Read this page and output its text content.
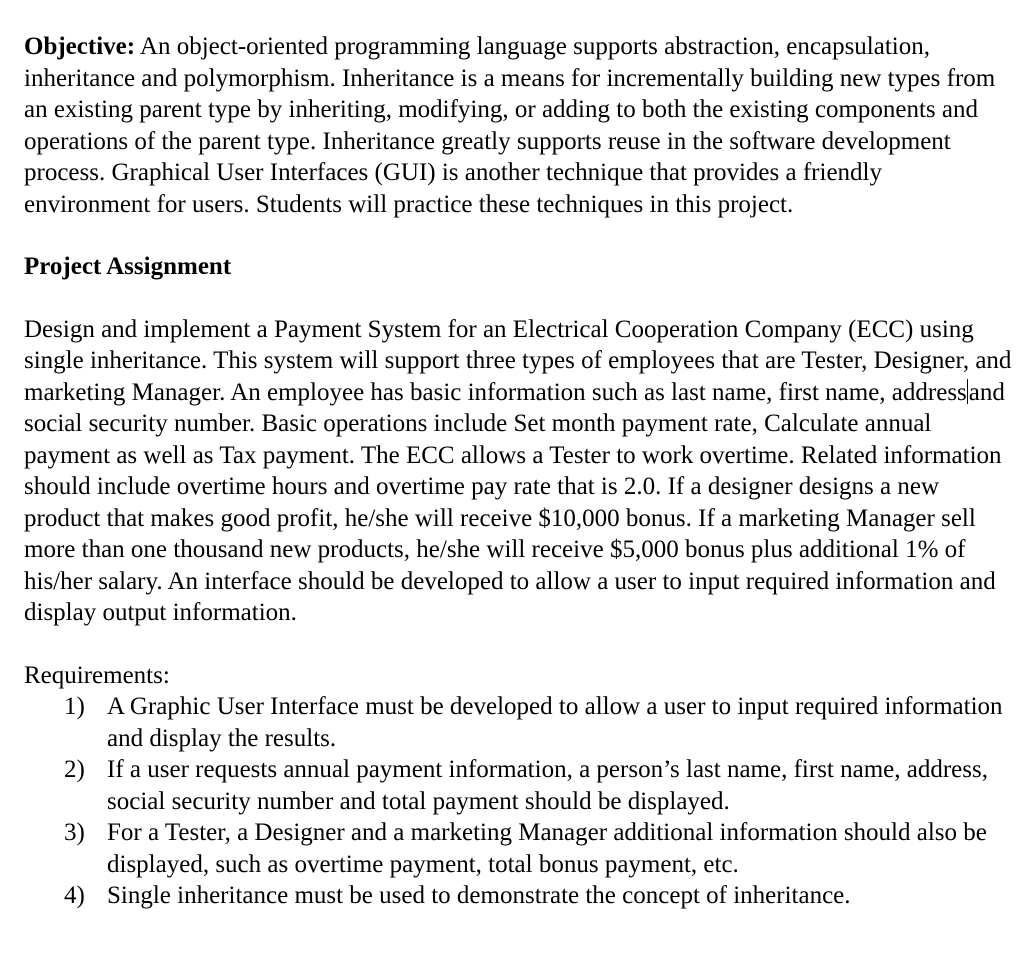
Objective: An object-oriented programming language supports abstraction, encapsulation, inheritance and polymorphism. Inheritance is a means for incrementally building new types from an existing parent type by inheriting, modifying, or adding to both the existing components and operations of the parent type. Inheritance greatly supports reuse in the software development process. Graphical User Interfaces (GUI) is another technique that provides a friendly environment for users. Students will practice these techniques in this project.

Project Assignment

Design and implement a Payment System for an Electrical Cooperation Company (ECC) using single inheritance. This system will support three types of employees that are Tester, Designer, and marketing Manager. An employee has basic information such as last name, first name, addressand social security number. Basic operations include Set month payment rate, Calculate annual payment as well as Tax payment. The ECC allows a Tester to work overtime. Related information should include overtime hours and overtime pay rate that is 2.0. If a designer designs a new product that makes good profit, he/she will receive $10,000 bonus. If a marketing Manager sell more than one thousand new products, he/she will receive $5,000 bonus plus additional 1% of his/her salary. An interface should be developed to allow a user to input required information and display output information.

Requirements:

1) A Graphic User Interface must be developed to allow a user to input required information and display the results.
2) If a user requests annual payment information, a person’s last name, first name, address, social security number and total payment should be displayed.
3) For a Tester, a Designer and a marketing Manager additional information should also be displayed, such as overtime payment, total bonus payment, etc.
4) Single inheritance must be used to demonstrate the concept of inheritance.
